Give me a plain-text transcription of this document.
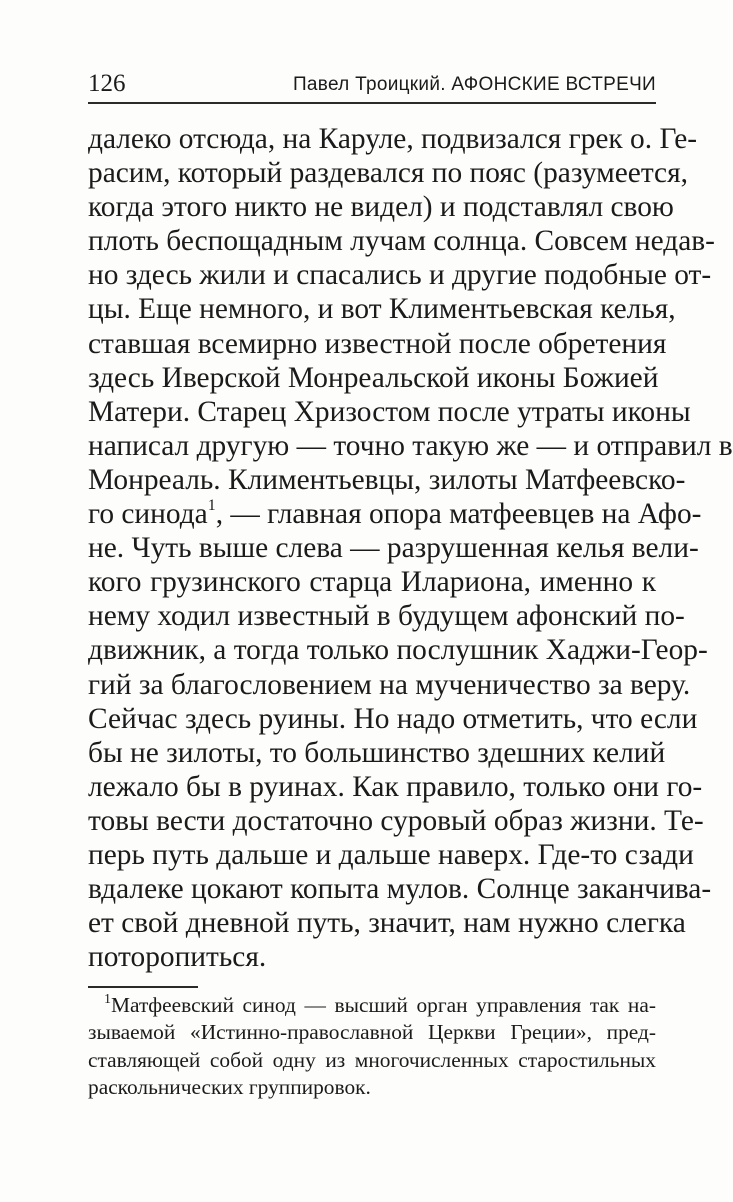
126	Павел Троицкий. АФОНСКИЕ ВСТРЕЧИ
далеко отсюда, на Каруле, подвизался грек о. Ге-
расим, который раздевался по пояс (разумеется,
когда этого никто не видел) и подставлял свою
плоть беспощадным лучам солнца. Совсем недав-
но здесь жили и спасались и другие подобные от-
цы. Еще немного, и вот Климентьевская келья,
ставшая всемирно известной после обретения
здесь Иверской Монреальской иконы Божией
Матери. Старец Хризостом после утраты иконы
написал другую — точно такую же — и отправил в
Монреаль. Климентьевцы, зилоты Матфеевско-
го синода$^1$, — главная опора матфеевцев на Афо-
не. Чуть выше слева — разрушенная келья вели-
кого грузинского старца Илариона, именно к
нему ходил известный в будущем афонский по-
движник, а тогда только послушник Хаджи-Геор-
гий за благословением на мученичество за веру.
Сейчас здесь руины. Но надо отметить, что если
бы не зилоты, то большинство здешних келий
лежало бы в руинах. Как правило, только они го-
товы вести достаточно суровый образ жизни. Те-
перь путь дальше и дальше наверх. Где-то сзади
вдалеке цокают копыта мулов. Солнце заканчива-
ет свой дневной путь, значит, нам нужно слегка
поторопиться.
$^1$Матфеевский синод — высший орган управления так на-
зываемой «Истинно-православной Церкви Греции», пред-
ставляющей собой одну из многочисленных старостильных
раскольнических группировок.
